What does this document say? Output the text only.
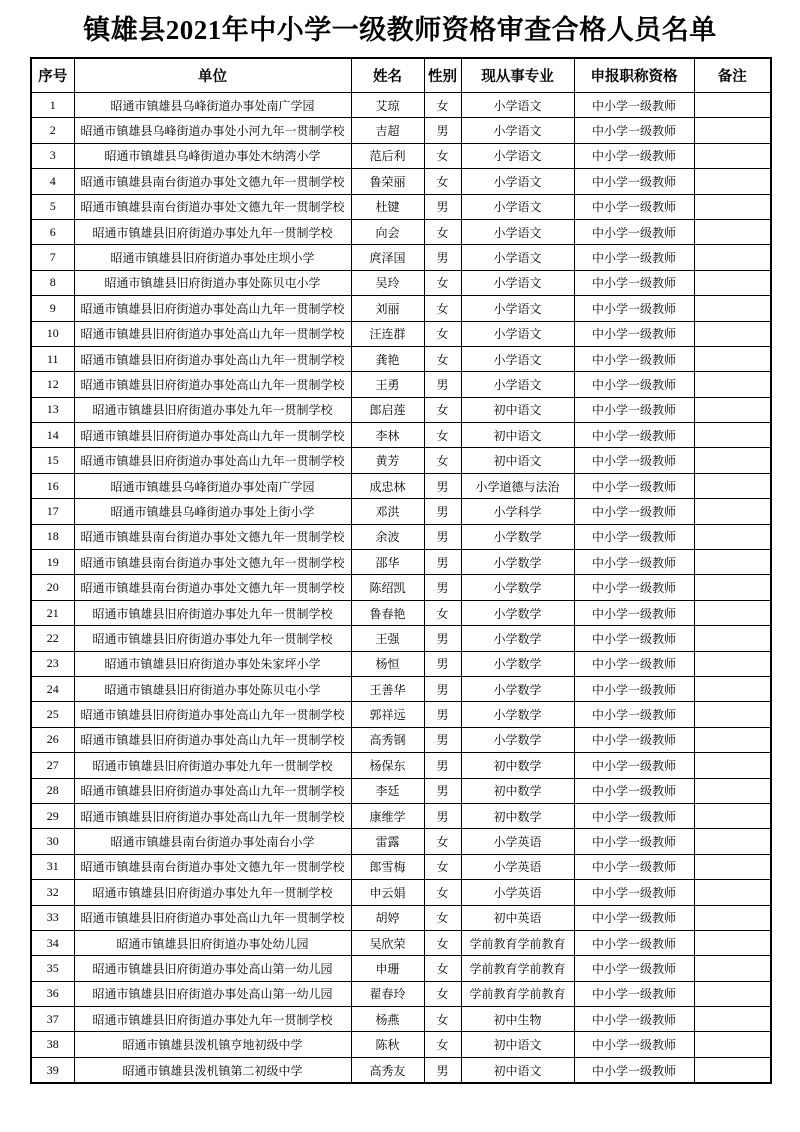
镇雄县2021年中小学一级教师资格审查合格人员名单
序号	单位	姓名	性别	现从事专业	申报职称资格	备注
1	昭通市镇雄县乌峰街道办事处南广学园	艾琼	女	小学语文	中小学一级教师	
2	昭通市镇雄县乌峰街道办事处小河九年一贯制学校	吉超	男	小学语文	中小学一级教师	
3	昭通市镇雄县乌峰街道办事处木纳湾小学	范后利	女	小学语文	中小学一级教师	
4	昭通市镇雄县南台街道办事处文德九年一贯制学校	鲁荣丽	女	小学语文	中小学一级教师	
5	昭通市镇雄县南台街道办事处文德九年一贯制学校	杜键	男	小学语文	中小学一级教师	
6	昭通市镇雄县旧府街道办事处九年一贯制学校	向会	女	小学语文	中小学一级教师	
7	昭通市镇雄县旧府街道办事处庄坝小学	庹泽国	男	小学语文	中小学一级教师	
8	昭通市镇雄县旧府街道办事处陈贝屯小学	吴玲	女	小学语文	中小学一级教师	
9	昭通市镇雄县旧府街道办事处高山九年一贯制学校	刘丽	女	小学语文	中小学一级教师	
10	昭通市镇雄县旧府街道办事处高山九年一贯制学校	汪连群	女	小学语文	中小学一级教师	
11	昭通市镇雄县旧府街道办事处高山九年一贯制学校	龚艳	女	小学语文	中小学一级教师	
12	昭通市镇雄县旧府街道办事处高山九年一贯制学校	王勇	男	小学语文	中小学一级教师	
13	昭通市镇雄县旧府街道办事处九年一贯制学校	郎启莲	女	初中语文	中小学一级教师	
14	昭通市镇雄县旧府街道办事处高山九年一贯制学校	李林	女	初中语文	中小学一级教师	
15	昭通市镇雄县旧府街道办事处高山九年一贯制学校	黄芳	女	初中语文	中小学一级教师	
16	昭通市镇雄县乌峰街道办事处南广学园	成忠林	男	小学道德与法治	中小学一级教师	
17	昭通市镇雄县乌峰街道办事处上街小学	邓洪	男	小学科学	中小学一级教师	
18	昭通市镇雄县南台街道办事处文德九年一贯制学校	余波	男	小学数学	中小学一级教师	
19	昭通市镇雄县南台街道办事处文德九年一贯制学校	邵华	男	小学数学	中小学一级教师	
20	昭通市镇雄县南台街道办事处文德九年一贯制学校	陈绍凯	男	小学数学	中小学一级教师	
21	昭通市镇雄县旧府街道办事处九年一贯制学校	鲁春艳	女	小学数学	中小学一级教师	
22	昭通市镇雄县旧府街道办事处九年一贯制学校	王强	男	小学数学	中小学一级教师	
23	昭通市镇雄县旧府街道办事处朱家坪小学	杨恒	男	小学数学	中小学一级教师	
24	昭通市镇雄县旧府街道办事处陈贝屯小学	王善华	男	小学数学	中小学一级教师	
25	昭通市镇雄县旧府街道办事处高山九年一贯制学校	郭祥远	男	小学数学	中小学一级教师	
26	昭通市镇雄县旧府街道办事处高山九年一贯制学校	高秀钢	男	小学数学	中小学一级教师	
27	昭通市镇雄县旧府街道办事处九年一贯制学校	杨保东	男	初中数学	中小学一级教师	
28	昭通市镇雄县旧府街道办事处高山九年一贯制学校	李廷	男	初中数学	中小学一级教师	
29	昭通市镇雄县旧府街道办事处高山九年一贯制学校	康维学	男	初中数学	中小学一级教师	
30	昭通市镇雄县南台街道办事处南台小学	雷露	女	小学英语	中小学一级教师	
31	昭通市镇雄县南台街道办事处文德九年一贯制学校	郎雪梅	女	小学英语	中小学一级教师	
32	昭通市镇雄县旧府街道办事处九年一贯制学校	申云娟	女	小学英语	中小学一级教师	
33	昭通市镇雄县旧府街道办事处高山九年一贯制学校	胡婷	女	初中英语	中小学一级教师	
34	昭通市镇雄县旧府街道办事处幼儿园	吴欣荣	女	学前教育学前教育	中小学一级教师	
35	昭通市镇雄县旧府街道办事处高山第一幼儿园	申珊	女	学前教育学前教育	中小学一级教师	
36	昭通市镇雄县旧府街道办事处高山第一幼儿园	翟春玲	女	学前教育学前教育	中小学一级教师	
37	昭通市镇雄县旧府街道办事处九年一贯制学校	杨燕	女	初中生物	中小学一级教师	
38	昭通市镇雄县泼机镇亨地初级中学	陈秋	女	初中语文	中小学一级教师	
39	昭通市镇雄县泼机镇第二初级中学	高秀友	男	初中语文	中小学一级教师	
